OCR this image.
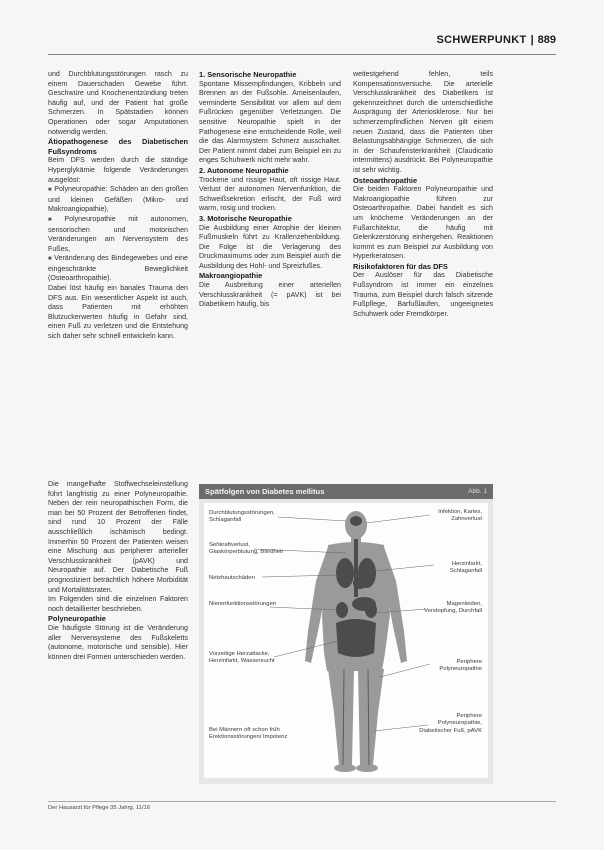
SCHWERPUNKT | 889

und Durchblutungsstörungen rasch zu einem Dauerschaden Gewebe führt. Geschwüre und Knochenentzündung treten häufig auf, und der Patient hat große Schmerzen. In Spätstadien können Operationen oder sogar Amputationen notwendig werden.

Ätiopathogenese des Diabetischen Fußsyndroms

Beim DFS werden durch die ständige Hyperglykämie folgende Veränderungen ausgelöst:

■ Polyneuropathie: Schäden an den großen und kleinen Gefäßen (Mikro- und Makroangiopathie),

■ Polyneuropathie mit autonomen, sensorischen und motorischen Veränderungen am Nervensystem des Fußes,

■ Veränderung des Bindegewebes und eine eingeschränkte Beweglichkeit (Osteoarthropathie).

Dabei löst häufig ein banales Trauma den DFS aus. Ein wesentlicher Aspekt ist auch, dass Patienten mit erhöhten Blutzuckerwerten häufig in Gefahr sind, einen Fuß zu verletzen und die Entstehung sich daher sehr schnell entwickeln kann.

Die mangelhafte Stoffwechseleinstellung führt langfristig zu einer Polyneuropathie. Neben der rein neuropathischen Form, die man bei 50 Prozent der Betroffenen findet, sind rund 10 Prozent der Fälle ausschließlich ischämisch bedingt. Immerhin 50 Prozent der Patienten weisen eine Mischung aus peripherer arterieller Verschlusskrankheit (pAVK) und Neuropathie auf. Der Diabetische Fuß prognostiziert beträchtlich höhere Morbidität und Mortalitätsraten.

Im Folgenden sind die einzelnen Faktoren noch detaillierter beschrieben.

Polyneuropathie

Die häufigste Störung ist die Veränderung aller Nervensysteme des Fußskeletts (autonome, motorische und sensible). Hier können drei Formen unterschieden werden.

1. Sensorische Neuropathie

Spontane Missempfindungen, Kribbeln und Brennen an der Fußsohle. Ameisenlaufen, verminderte Sensibilität vor allem auf dem Fußrücken gegenüber Verletzungen. Die sensitive Neuropathie spielt in der Pathogenese eine entscheidende Rolle, weil die das Alarmsystem Schmerz ausschaltet. Der Patient nimmt dabei zum Beispiel ein zu enges Schuhwerk nicht mehr wahr.

2. Autonome Neuropathie

Trockene und rissige Haut, oft rissige Haut. Verlust der autonomen Nervenfunktion, die Schweißsekretion erlischt, der Fuß wird warm, rosig und trocken.

3. Motorische Neuropathie

Die Ausbildung einer Atrophie der kleinen Fußmuskeln führt zu Krallenzehenbildung. Die Folge ist die Verlagerung des Druckmaximums oder zum Beispiel auch die Ausbildung des Hohl- und Spreizfußes.

Makroangiopathie

Die Ausbreitung einer arteriellen Verschlusskrankheit (= pAVK) ist bei Diabetikern häufig, bis

weitestgehend fehlen, teils Kompensationsversuche. Die arterielle Verschlusskrankheit des Diabetikers ist gekennzeichnet durch die unterschiedliche Ausprägung der Arteriosklerose. Nur bei schmerzempfindlichen Nerven gilt einem neuen Zustand, dass die Patienten über Belastungsabhängige Schmerzen, die sich in der Schaufensterkrankheit (Claudicatio intermittens) ausdrückt. Bei Polyneuropathie ist sehr wichtig.

Osteoarthropathie

Die beiden Faktoren Polyneuropathie und Makroangiopathie führen zur Osteoarthropathie. Dabei handelt es sich um knöcherne Veränderungen an der Fußarchitektur, die häufig mit Gelenkzerstörung einhergehen. Reaktionen kommt es zum Beispiel zur Ausbildung von Hyperkeratosen.

Risikofaktoren für das DFS

Der Auslöser für das Diabetische Fußsyndrom ist immer ein einzelnes Trauma, zum Beispiel durch falsch sitzende Fußpflege, Barfußlaufen, ungeeignetes Schuhwerk oder Fremdkörper.

Spätfolgen von Diabetes mellitus	Abb. 1
Durchblutungsstörungen, Schlaganfall
Sehkraftverlust, Glaskörperblutung, Blindheit
Netzhautschäden
Nierenfunktionsstörungen
Vorzeitige Herzattacke, Herzinfarkt, Wassersucht
Bei Männern oft schon früh Erektionsstörungen/ Impotenz
Infektion, Karies, Zahnverlust
Herzinfarkt, Schlaganfall
Magenleiden, Verstopfung, Durchfall
Periphere Polyneuropathie
Periphere Polyneuropathie, Diabetischer Fuß, pAVK
Der Hausarzt für Pflege 35 Jahrg. 11/16
